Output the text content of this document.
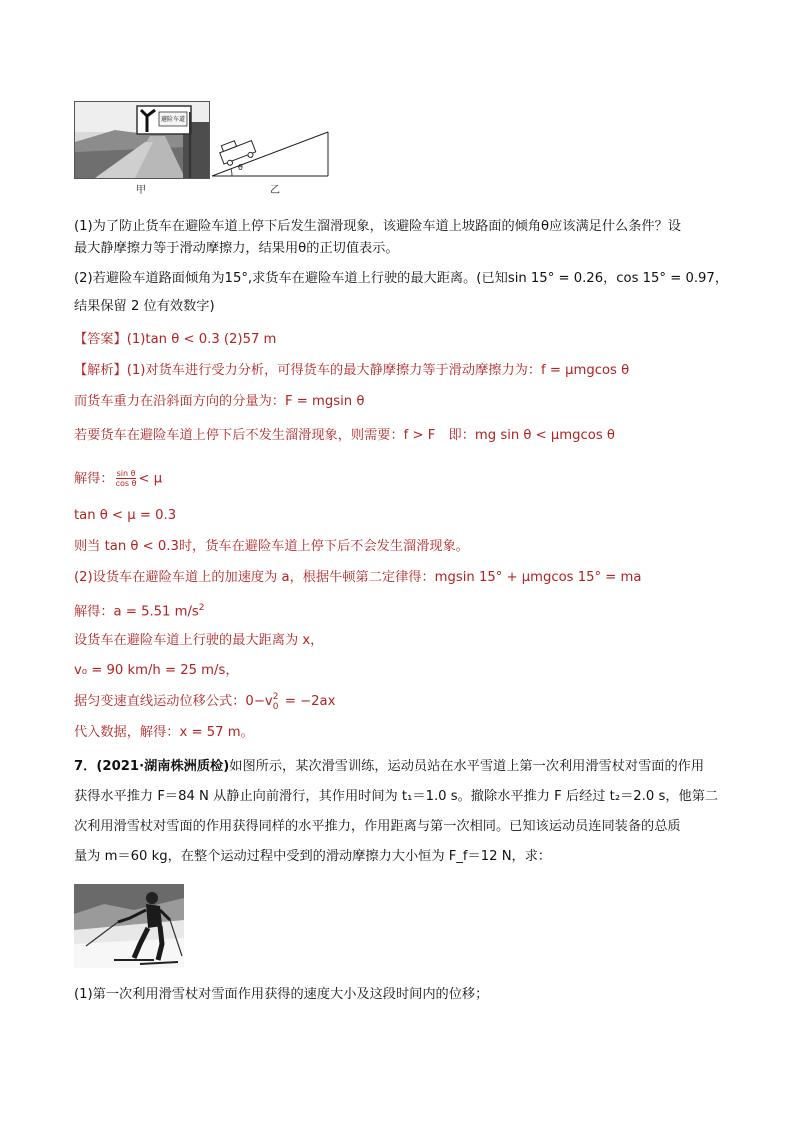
避险车道
甲
θ
乙
(1)为了防止货车在避险车道上停下后发生溜滑现象，该避险车道上坡路面的倾角θ应该满足什么条件？设
最大静摩擦力等于滑动摩擦力，结果用θ的正切值表示。
(2)若避险车道路面倾角为15°,求货车在避险车道上行驶的最大距离。(已知sin 15° = 0.26，cos 15° = 0.97，
结果保留 2 位有效数字)
【答案】(1)tan θ < 0.3 (2)57 m
【解析】(1)对货车进行受力分析，可得货车的最大静摩擦力等于滑动摩擦力为：f = μmgcos θ
而货车重力在沿斜面方向的分量为：F = mgsin θ
若要货车在避险车道上停下后不发生溜滑现象，则需要：f > F　即：mg sin θ < μmgcos θ
解得： $\frac{\text{sin θ}}{\text{cos θ}} < \mu$
tan θ < μ = 0.3
则当 tan θ < 0.3时，货车在避险车道上停下后不会发生溜滑现象。
(2)设货车在避险车道上的加速度为 a，根据牛顿第二定律得：mgsin 15° + μmgcos 15° = ma
解得：a = 5.51 $m/s^2$
设货车在避险车道上行驶的最大距离为 x，
v₀ = 90 km/h = 25 m/s，
据匀变速直线运动位移公式：0−v 2
0 = −2ax
代入数据，解得：x = 57 m。
7．(2021·湖南株洲质检)如图所示，某次滑雪训练，运动员站在水平雪道上第一次利用滑雪杖对雪面的作用
获得水平推力 F＝84 N 从静止向前滑行，其作用时间为 t₁＝1.0 s。撤除水平推力 F 后经过 t₂＝2.0 s，他第二
次利用滑雪杖对雪面的作用获得同样的水平推力，作用距离与第一次相同。已知该运动员连同装备的总质
量为 m＝60 kg，在整个运动过程中受到的滑动摩擦力大小恒为 F_f＝12 N，求：
(1)第一次利用滑雪杖对雪面作用获得的速度大小及这段时间内的位移；
